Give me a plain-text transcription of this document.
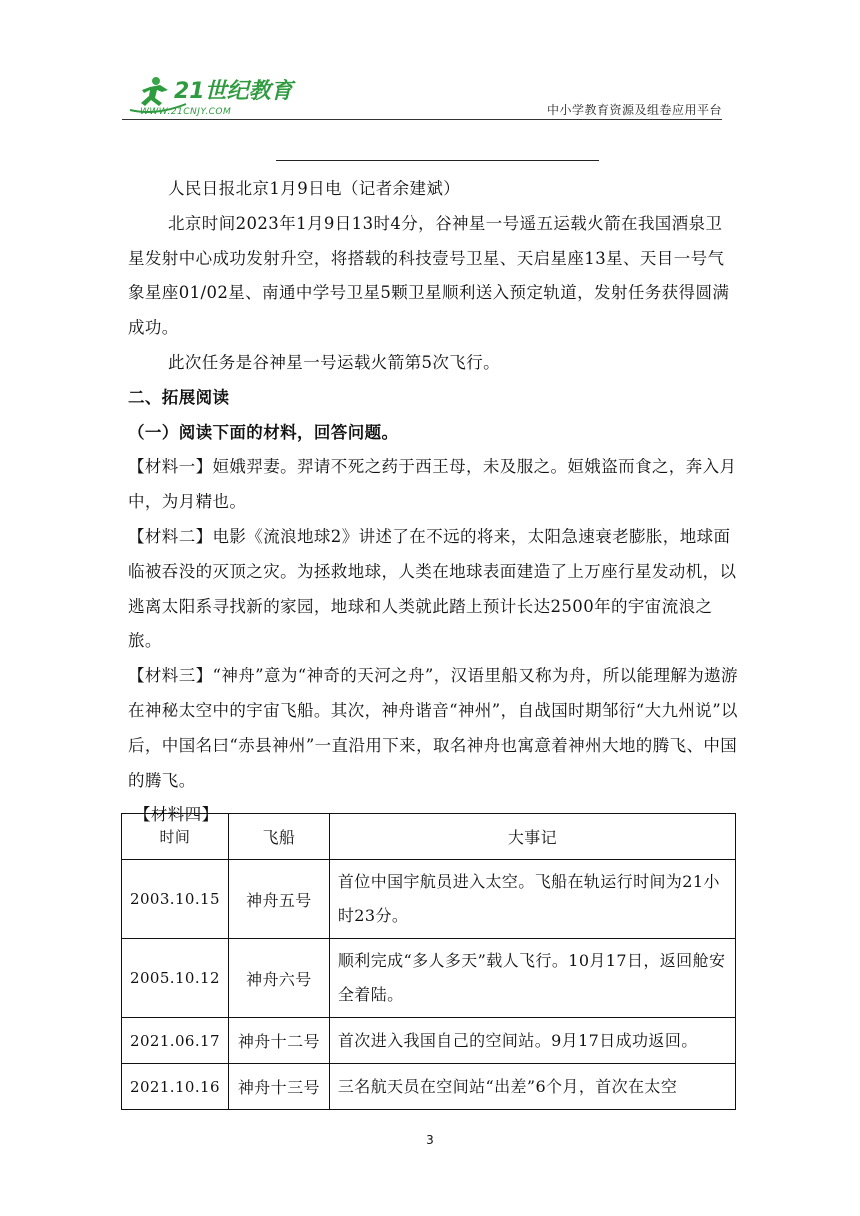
21世纪教育
WWW.21CNJY.COM	中小学教育资源及组卷应用平台

人民日报北京1月9日电（记者余建斌）

北京时间2023年1月9日13时4分，谷神星一号遥五运载火箭在我国酒泉卫星发射中心成功发射升空，将搭载的科技壹号卫星、天启星座13星、天目一号气象星座01/02星、南通中学号卫星5颗卫星顺利送入预定轨道，发射任务获得圆满成功。

此次任务是谷神星一号运载火箭第5次飞行。

二、拓展阅读

（一）阅读下面的材料，回答问题。

【材料一】姮娥羿妻。羿请不死之药于西王母，未及服之。姮娥盗而食之，奔入月中，为月精也。

【材料二】电影《流浪地球2》讲述了在不远的将来，太阳急速衰老膨胀，地球面临被吞没的灭顶之灾。为拯救地球，人类在地球表面建造了上万座行星发动机，以逃离太阳系寻找新的家园，地球和人类就此踏上预计长达2500年的宇宙流浪之旅。

【材料三】“神舟”意为“神奇的天河之舟”，汉语里船又称为舟，所以能理解为遨游在神秘太空中的宇宙飞船。其次，神舟谐音“神州”，自战国时期邹衍“大九州说”以后，中国名曰“赤县神州”一直沿用下来，取名神舟也寓意着神州大地的腾飞、中国的腾飞。

【材料四】

时间	飞船	大事记
2003.10.15	神舟五号	首位中国宇航员进入太空。飞船在轨运行时间为21小时23分。
2005.10.12	神舟六号	顺利完成“多人多天”载人飞行。10月17日，返回舱安全着陆。
2021.06.17	神舟十二号	首次进入我国自己的空间站。9月17日成功返回。
2021.10.16	神舟十三号	三名航天员在空间站“出差”6个月，首次在太空
3
